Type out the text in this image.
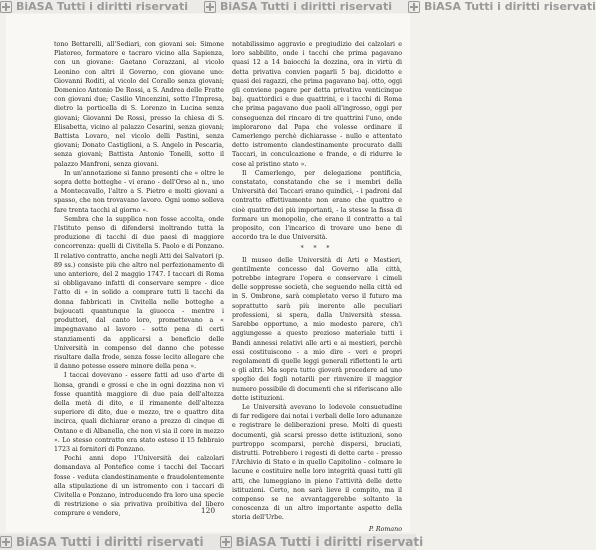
BiASA Tutti i diritti riservati	BiASA Tutti i diritti riservati	BiASA Tutti i diritti riservati

tono Bettarelli, all'Sediari, con giovani sei: Simone Platoreo, formatore e tacraro vicino alla Sapienza, con un giovane: Gaetano Corazzani, al vicolo Leonino con altri il Governo, con giovane uno: Giovanni Roditi, al vicolo del Corallo senza giovani; Domenico Antonio De Rossi, a S. Andrea delle Fratte con giovani due; Casilio Vincenzini, sotto l'Impresa, dietro la porticella di S. Lorenzo in Lucina senza giovani; Giovanni De Rossi, presso la chiesa di S. Elisabetta, vicino al palazzo Cesarini, senza giovani; Battista Lovaro, nel vicolo delli Pastini, senza giovani; Donato Castiglioni, a S. Angelo in Pescaria, senza giovani; Battista Antonio Tonelli, sotto il palazzo Manfroni, senza giovani.

In un'annotazione si fanno presenti che « oltre le sopra dette botteghe - vi erano - dell'Orso al n., uno a Montecavallo, l'altro a S. Pietro e molti giovani a spasso, che non trovavano lavoro. Ogni uomo solleva fare trenta tacchi al giorno ».

Sembra che la supplica non fosse accolta, onde l'Istituto penso di difendersi inoltrando tutta la produzione di tacchi di due paesi di maggiore concorrenza: quelli di Civitella S. Paolo e di Ponzano. Il relativo contratto, anche negli Atti dei Salvatori (p. 89 ss.) consiste più che altro nel perfezionamento di uno anteriore, del 2 maggio 1747. I taccari di Roma si obbligavano infatti di conservare sempre - dice l'atto di « in solido a comprare tutti li tacchi da donna fabbricati in Civitella nelle botteghe a bujoucati quantunque la giuocca - mentre i produttori, dal canto loro, promettevano a « impegnavano al lavoro - sotto pena di certi stanziamenti da applicarsi a beneficio delle Università in compenso del danno che potesse risultare dalla frode, senza fosse lecito allegare che il danno potesse essere minore della pena ».

I taccai dovevano - essere fatti ad uso d'arte di lionsa, grandi e grossi e che in ogni dozzina non vi fosse quantità maggiore di due paia dell'altezza della metà di dito, e il rimanente dell'altezza superiore di dito, due e mezzo, tre e quattro dita incirca, quali dichiarar erano a prezzo di cinque di Ontano e di Albanella, che non vi sia il core in mezzo ». Lo stesso contratto era stato esteso il 15 febbraio 1723 ai fornitori di Ponzano.

Pochi anni dopo l'Università dei calzolari domandava al Pontefice come i tacchi del Taccari fosse - veduta clandestinamente e fraudolentemente alla stipulazione di un istromento con i taccari di Civitella e Ponzano, introducendo fra loro una specie di restrizione o sia privativa proibitiva del libero comprare e vendere,

notabilissimo aggravio e pregiudizio dei calzolari e loro sabbilito, onde i tacchi che prima pagavano quasi 12 a 14 baiocchi la dozzina, ora in virtù di detta privativa convien pagarli 5 baj. dicidotto e quasi dei ragazzi, che prima pagavano baj. otto, oggi gli conviene pagare per detta privativa venticinque baj. quattordici e due quattrini, e i tacchi di Roma che prima pagavano due paoli all'ingrosso, oggi per conseguenza del rincaro di tre quattrini l'uno, onde implorarono dal Papa che volesse ordinare il Camerlengo perchè dichiarasse - nullo e attentato detto istromento clandestinamente procurato dalli Taccari, in conculcazione e frande, e di ridurre le cose al pristino stato ».

Il Camerlengo, per delegazione pontificia, constatato, constatando che se i membri della Università dei Taccari erano quindici, - i padroni dal contratto effettivamente non erano che quattro e cioè quattro dei più importanti, - la stesse la fissa di formare un monopolio, che erano il contratto a tal proposito, con l'incarico di trovare uno bene di accordo tra le due Università.

* * *

Il museo delle Università di Arti e Mestieri, gentilmente concesso dal Governo alla città, potrebbe integrare l'opera e conservare i cimeli delle soppresse società, che seguendo nella città ed in S. Ombrone, sarà completato verso il futuro ma soprattutto sarà più inerente alle peculiari professioni, si spera, dalla Università stessa. Sarebbe opportuno, a mio modesto parere, ch'i aggiungesse a questo prezioso materiale tutti i Bandi annessi relativi alle arti e ai mestieri, perchè essi costituiscono - a mio dire - veri e propri regolamenti di quelle leggi generali riflettenti le arti e gli altri. Ma sopra tutto gioverà procedere ad uno spoglio dei fogli notarili per rinvenire il maggior numero possibile di documenti che si riferiscano alle dette istituzioni.

Le Università avevano lo lodevole consuetudine di far redigere dai notai i verbali delle loro adunanze e registrare le deliberazioni prese. Molti di questi documenti, già scarsi presso dette istituzioni, sono purtroppo scomparsi, perchè dispersi, bruciati, distrutti. Potrebbero i regesti di dette carte - presso l'Archivio di Stato e in quello Capitolino - colmare le lacune e costituire nelle loro integrità quasi tutti gli atti, che lumeggiano in pieno l'attività delle dette istituzioni. Certo, non sarà lieve il compito, ma il compenso se ne avvantaggerebbe soltanto la conoscenza di un altro importante aspetto della storia dell'Urbe.

P. Romano
120
BiASA Tutti i diritti riservati	BiASA Tutti i diritti riservati
